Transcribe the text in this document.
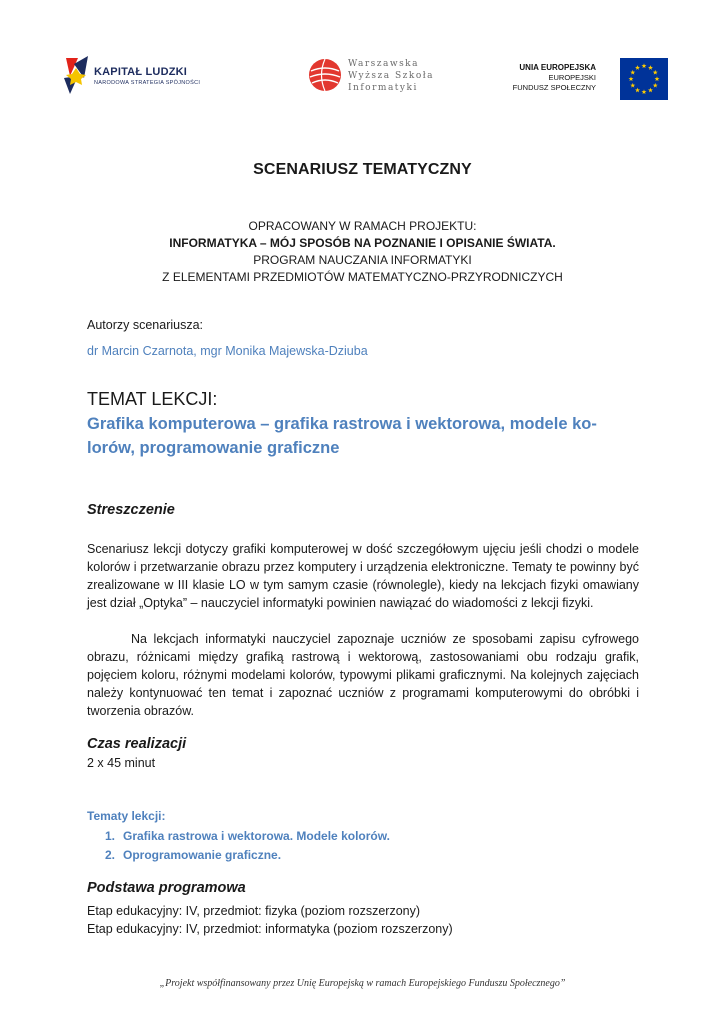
KAPITAŁ LUDZKI
NARODOWA STRATEGIA SPÓJNOŚCI
Warszawska
Wyższa Szkoła
Informatyki
UNIA EUROPEJSKA
EUROPEJSKI
FUNDUSZ SPOŁECZNY
SCENARIUSZ TEMATYCZNY
OPRACOWANY W RAMACH PROJEKTU:
INFORMATYKA – MÓJ SPOSÓB NA POZNANIE I OPISANIE ŚWIATA.
PROGRAM NAUCZANIA INFORMATYKI
Z ELEMENTAMI PRZEDMIOTÓW MATEMATYCZNO-PRZYRODNICZYCH
Autorzy scenariusza:
dr Marcin Czarnota, mgr Monika Majewska-Dziuba
TEMAT LEKCJI:
Grafika komputerowa – grafika rastrowa i wektorowa, modele ko-
lorów, programowanie graficzne
Streszczenie
Scenariusz lekcji dotyczy grafiki komputerowej w dość szczegółowym ujęciu jeśli chodzi o modele kolorów i przetwarzanie obrazu przez komputery i urządzenia elektroniczne. Tematy te powinny być zrealizowane w III klasie LO w tym samym czasie (równolegle), kiedy na lekcjach fizyki omawiany jest dział „Optyka” – nauczyciel informatyki powinien nawiązać do wiadomości z lekcji fizyki.
Na lekcjach informatyki nauczyciel zapoznaje uczniów ze sposobami zapisu cyfrowego obrazu, różnicami między grafiką rastrową i wektorową, zastosowaniami obu rodzaju grafik, pojęciem koloru, różnymi modelami kolorów, typowymi plikami graficznymi. Na kolejnych zajęciach należy kontynuować ten temat i zapoznać uczniów z programami komputerowymi do obróbki i tworzenia obrazów.
Czas realizacji
2 x 45 minut
Tematy lekcji:
1. Grafika rastrowa i wektorowa. Modele kolorów.
2. Oprogramowanie graficzne.
Podstawa programowa
Etap edukacyjny: IV, przedmiot: fizyka (poziom rozszerzony)
Etap edukacyjny: IV, przedmiot: informatyka (poziom rozszerzony)
„Projekt współfinansowany przez Unię Europejską w ramach Europejskiego Funduszu Społecznego”
